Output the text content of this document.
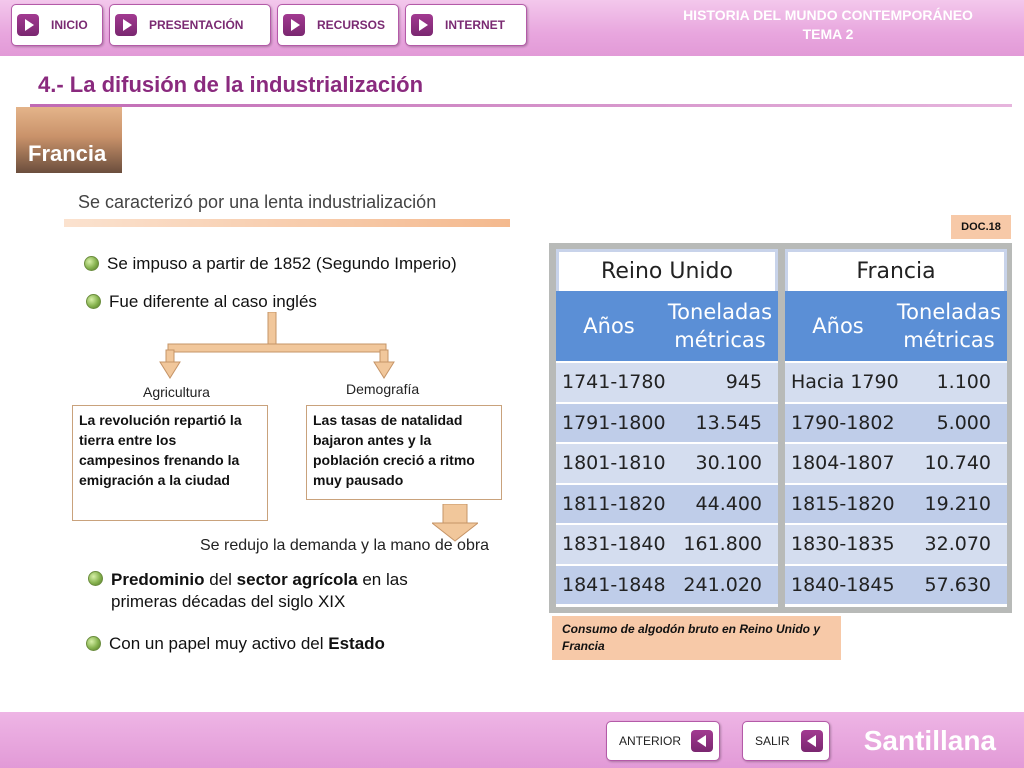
INICIO	PRESENTACIÓN	RECURSOS	INTERNET
HISTORIA DEL MUNDO CONTEMPORÁNEO
TEMA 2
4.- La difusión de la industrialización
Francia
Se caracterizó por una lenta industrialización
Se impuso a partir de 1852 (Segundo Imperio)
Fue diferente al caso inglés
Agricultura	Demografía
La revolución repartió la tierra entre los campesinos frenando la emigración a la ciudad
Las tasas de natalidad bajaron antes y la población creció a ritmo muy pausado
Se redujo la demanda y la mano de obra
Predominio del sector agrícola en las primeras décadas del siglo XIX
Con un papel muy activo del Estado
DOC.18
Reino Unido
Años
Toneladas
métricas
1741-1780	945
1791-1800	13.545
1801-1810	30.100
1811-1820	44.400
1831-1840 161.800
1841-1848 241.020
Francia
Años
Toneladas
métricas
Hacia 1790	1.100
1790-1802	5.000
1804-1807	10.740
1815-1820	19.210
1830-1835	32.070
1840-1845	57.630
Consumo de algodón bruto en Reino Unido y Francia
ANTERIOR	SALIR	Santillana
